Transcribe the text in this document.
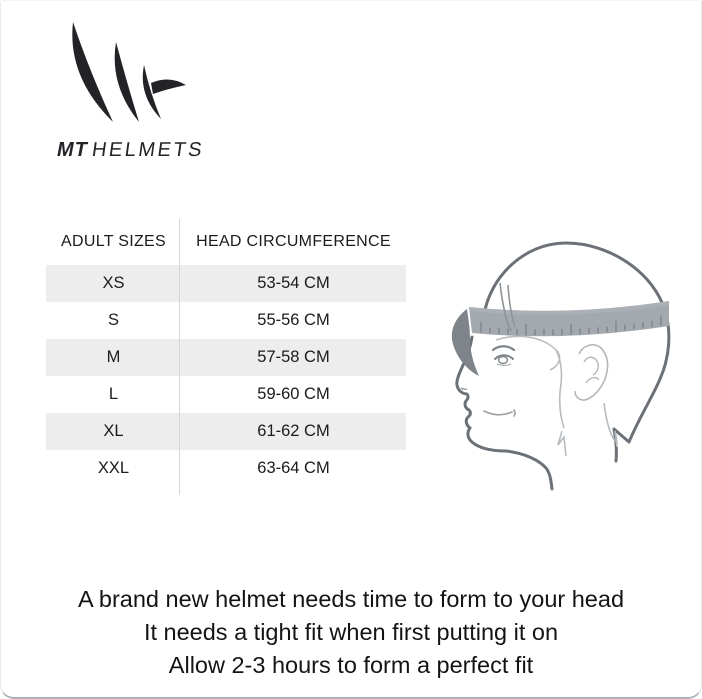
MT HELMETS
ADULT SIZES	HEAD CIRCUMFERENCE
XS	53-54 CM
S	55-56 CM
M	57-58 CM
L	59-60 CM
XL	61-62 CM
XXL	63-64 CM
A brand new helmet needs time to form to your head
It needs a tight fit when first putting it on
Allow 2-3 hours to form a perfect fit
